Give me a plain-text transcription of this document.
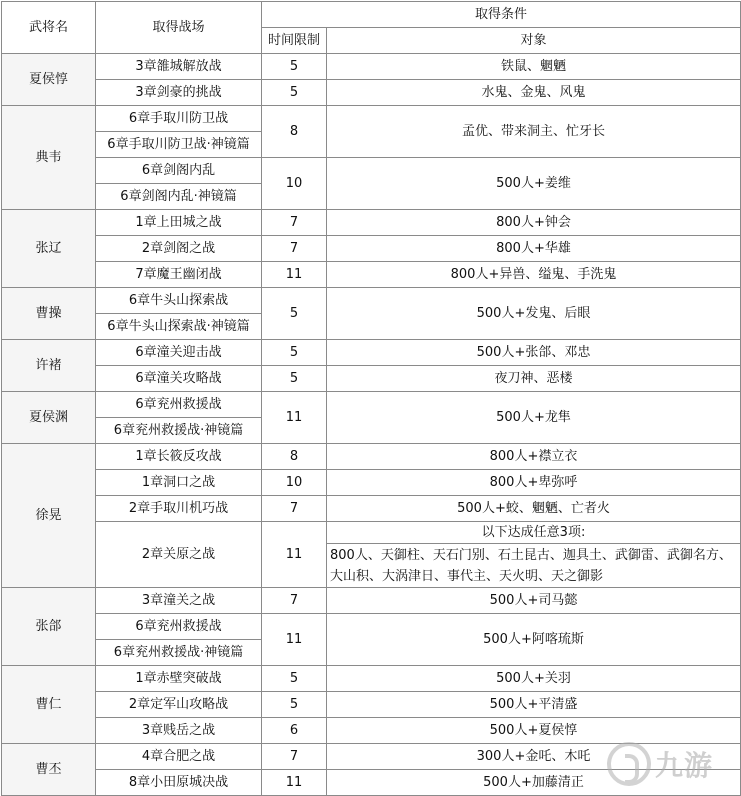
武将名	取得战场	取得条件	
		时间限制	对象
夏侯惇	3章雒城解放战	5	铁鼠、魍魉
	3章剑豪的挑战	5	水鬼、金鬼、风鬼
典韦	6章手取川防卫战	8	孟优、带来洞主、忙牙长
	6章手取川防卫战·神镜篇		
	6章剑阁内乱	10	500人+姜维
	6章剑阁内乱·神镜篇		
张辽	1章上田城之战	7	800人+钟会
	2章剑阁之战	7	800人+华雄
	7章魔王幽闭战	11	800人+异兽、缢鬼、手洗鬼
曹操	6章牛头山探索战	5	500人+发鬼、后眼
	6章牛头山探索战·神镜篇		
许褚	6章潼关迎击战	5	500人+张郃、邓忠
	6章潼关攻略战	5	夜刀神、恶楼
夏侯渊	6章兖州救援战	11	500人+龙隼
	6章兖州救援战·神镜篇		
徐晃	1章长筱反攻战	8	800人+襟立衣
	1章洞口之战	10	800人+卑弥呼
	2章手取川机巧战	7	500人+蛟、魍魉、亡者火
	2章关原之战	11	以下达成任意3项:
			800人、天御柱、天石门别、石土昆古、迦具土、武御雷、武御名方、大山积、大涡津日、事代主、天火明、天之御影
张郃	3章潼关之战	7	500人+司马懿
	6章兖州救援战	11	500人+阿喀琉斯
	6章兖州救援战·神镜篇		
曹仁	1章赤壁突破战	5	500人+关羽
	2章定军山攻略战	5	500人+平清盛
	3章贱岳之战	6	500人+夏侯惇
曹丕	4章合肥之战	7	300人+金吒、木吒
	8章小田原城决战	11	500人+加藤清正
九游
